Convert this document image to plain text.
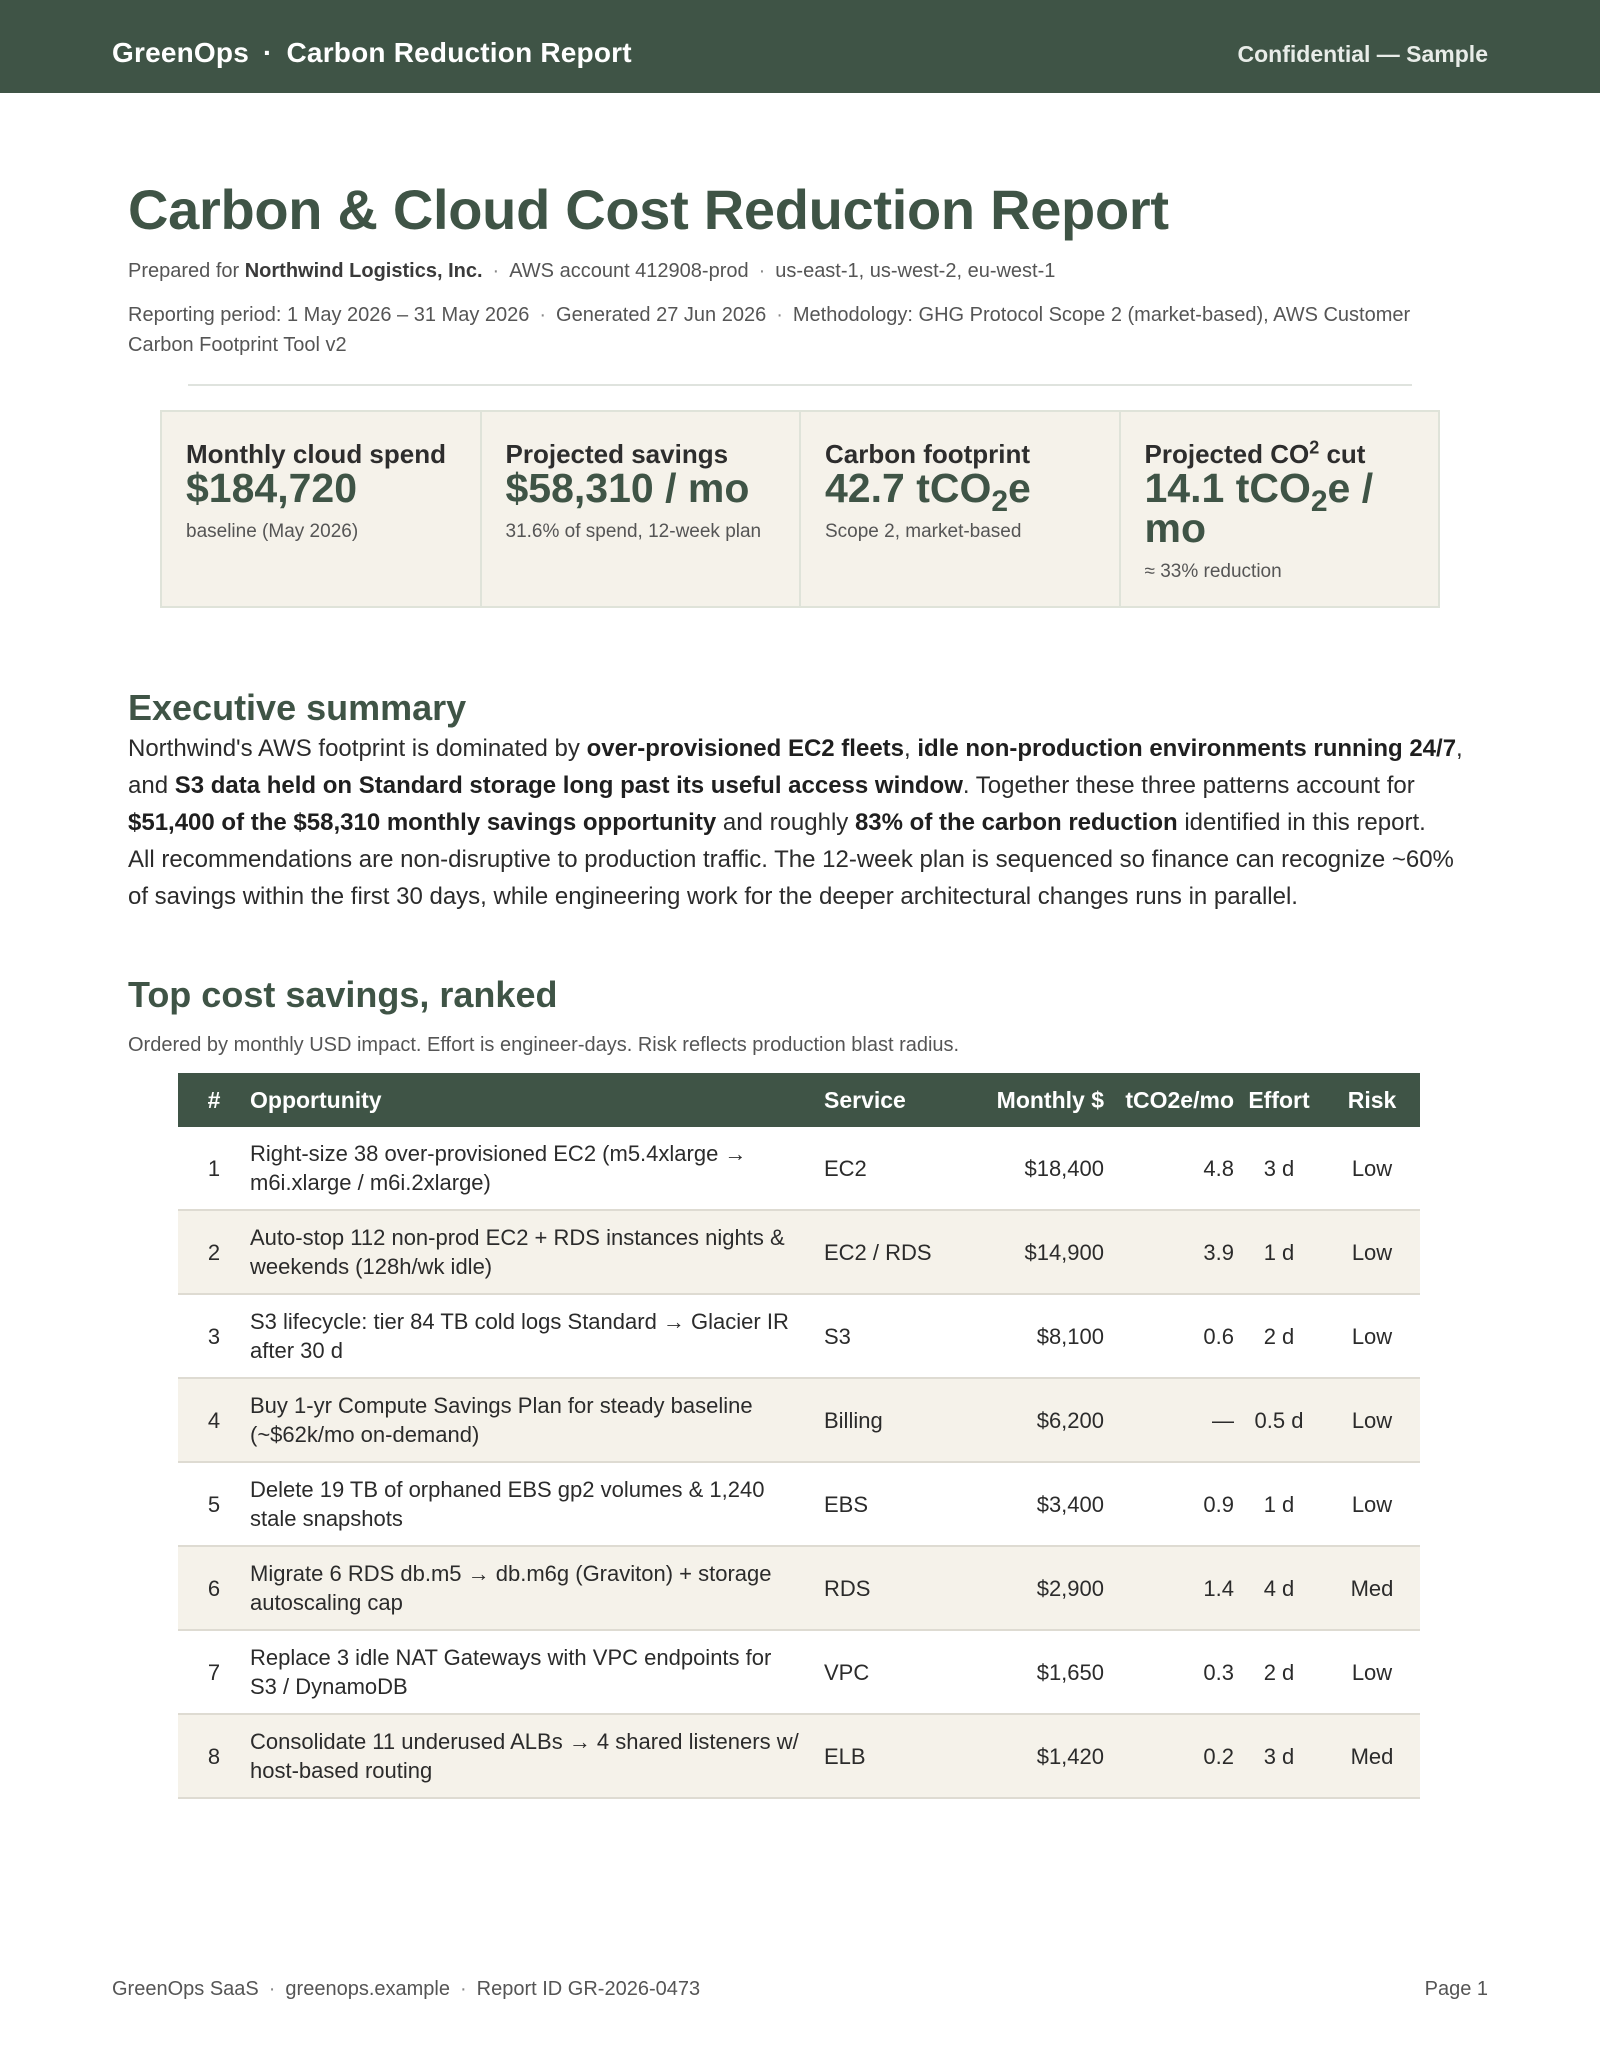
GreenOps · Carbon Reduction Report	Confidential — Sample
Carbon & Cloud Cost Reduction Report
Prepared for Northwind Logistics, Inc. · AWS account 412908-prod · us-east-1, us-west-2, eu-west-1
Reporting period: 1 May 2026 – 31 May 2026 · Generated 27 Jun 2026 · Methodology: GHG Protocol Scope 2 (market-based), AWS Customer Carbon Footprint Tool v2
Monthly cloud spend
$184,720
baseline (May 2026)
Projected savings
$58,310 / mo
31.6% of spend, 12-week plan
Carbon footprint
42.7 tCO$_2$e
Scope 2, market-based
Projected $CO^2$ cut
14.1 tCO$_2$e / mo
≈ 33% reduction
Executive summary

Northwind's AWS footprint is dominated by over-provisioned EC2 fleets, idle non-production environments running 24/7, and S3 data held on Standard storage long past its useful access window. Together these three patterns account for $51,400 of the $58,310 monthly savings opportunity and roughly 83% of the carbon reduction identified in this report.

All recommendations are non-disruptive to production traffic. The 12-week plan is sequenced so finance can recognize ~60% of savings within the first 30 days, while engineering work for the deeper architectural changes runs in parallel.

Top cost savings, ranked
Ordered by monthly USD impact. Effort is engineer-days. Risk reflects production blast radius.
#	Opportunity	Service	Monthly $	tCO2e/mo	Effort	Risk
1	Right-size 38 over-provisioned EC2 (m5.4xlarge → m6i.xlarge / m6i.2xlarge)	EC2	$18,400	4.8	3 d	Low
2	Auto-stop 112 non-prod EC2 + RDS instances nights & weekends (128h/wk idle)	EC2 / RDS	$14,900	3.9	1 d	Low
3	S3 lifecycle: tier 84 TB cold logs Standard → Glacier IR after 30 d	S3	$8,100	0.6	2 d	Low
4	Buy 1-yr Compute Savings Plan for steady baseline (~$62k/mo on-demand)	Billing	$6,200	—	0.5 d	Low
5	Delete 19 TB of orphaned EBS gp2 volumes & 1,240 stale snapshots	EBS	$3,400	0.9	1 d	Low
6	Migrate 6 RDS db.m5 → db.m6g (Graviton) + storage autoscaling cap	RDS	$2,900	1.4	4 d	Med
7	Replace 3 idle NAT Gateways with VPC endpoints for S3 / DynamoDB	VPC	$1,650	0.3	2 d	Low
8	Consolidate 11 underused ALBs → 4 shared listeners w/ host-based routing	ELB	$1,420	0.2	3 d	Med
GreenOps SaaS · greenops.example · Report ID GR-2026-0473	Page 1
